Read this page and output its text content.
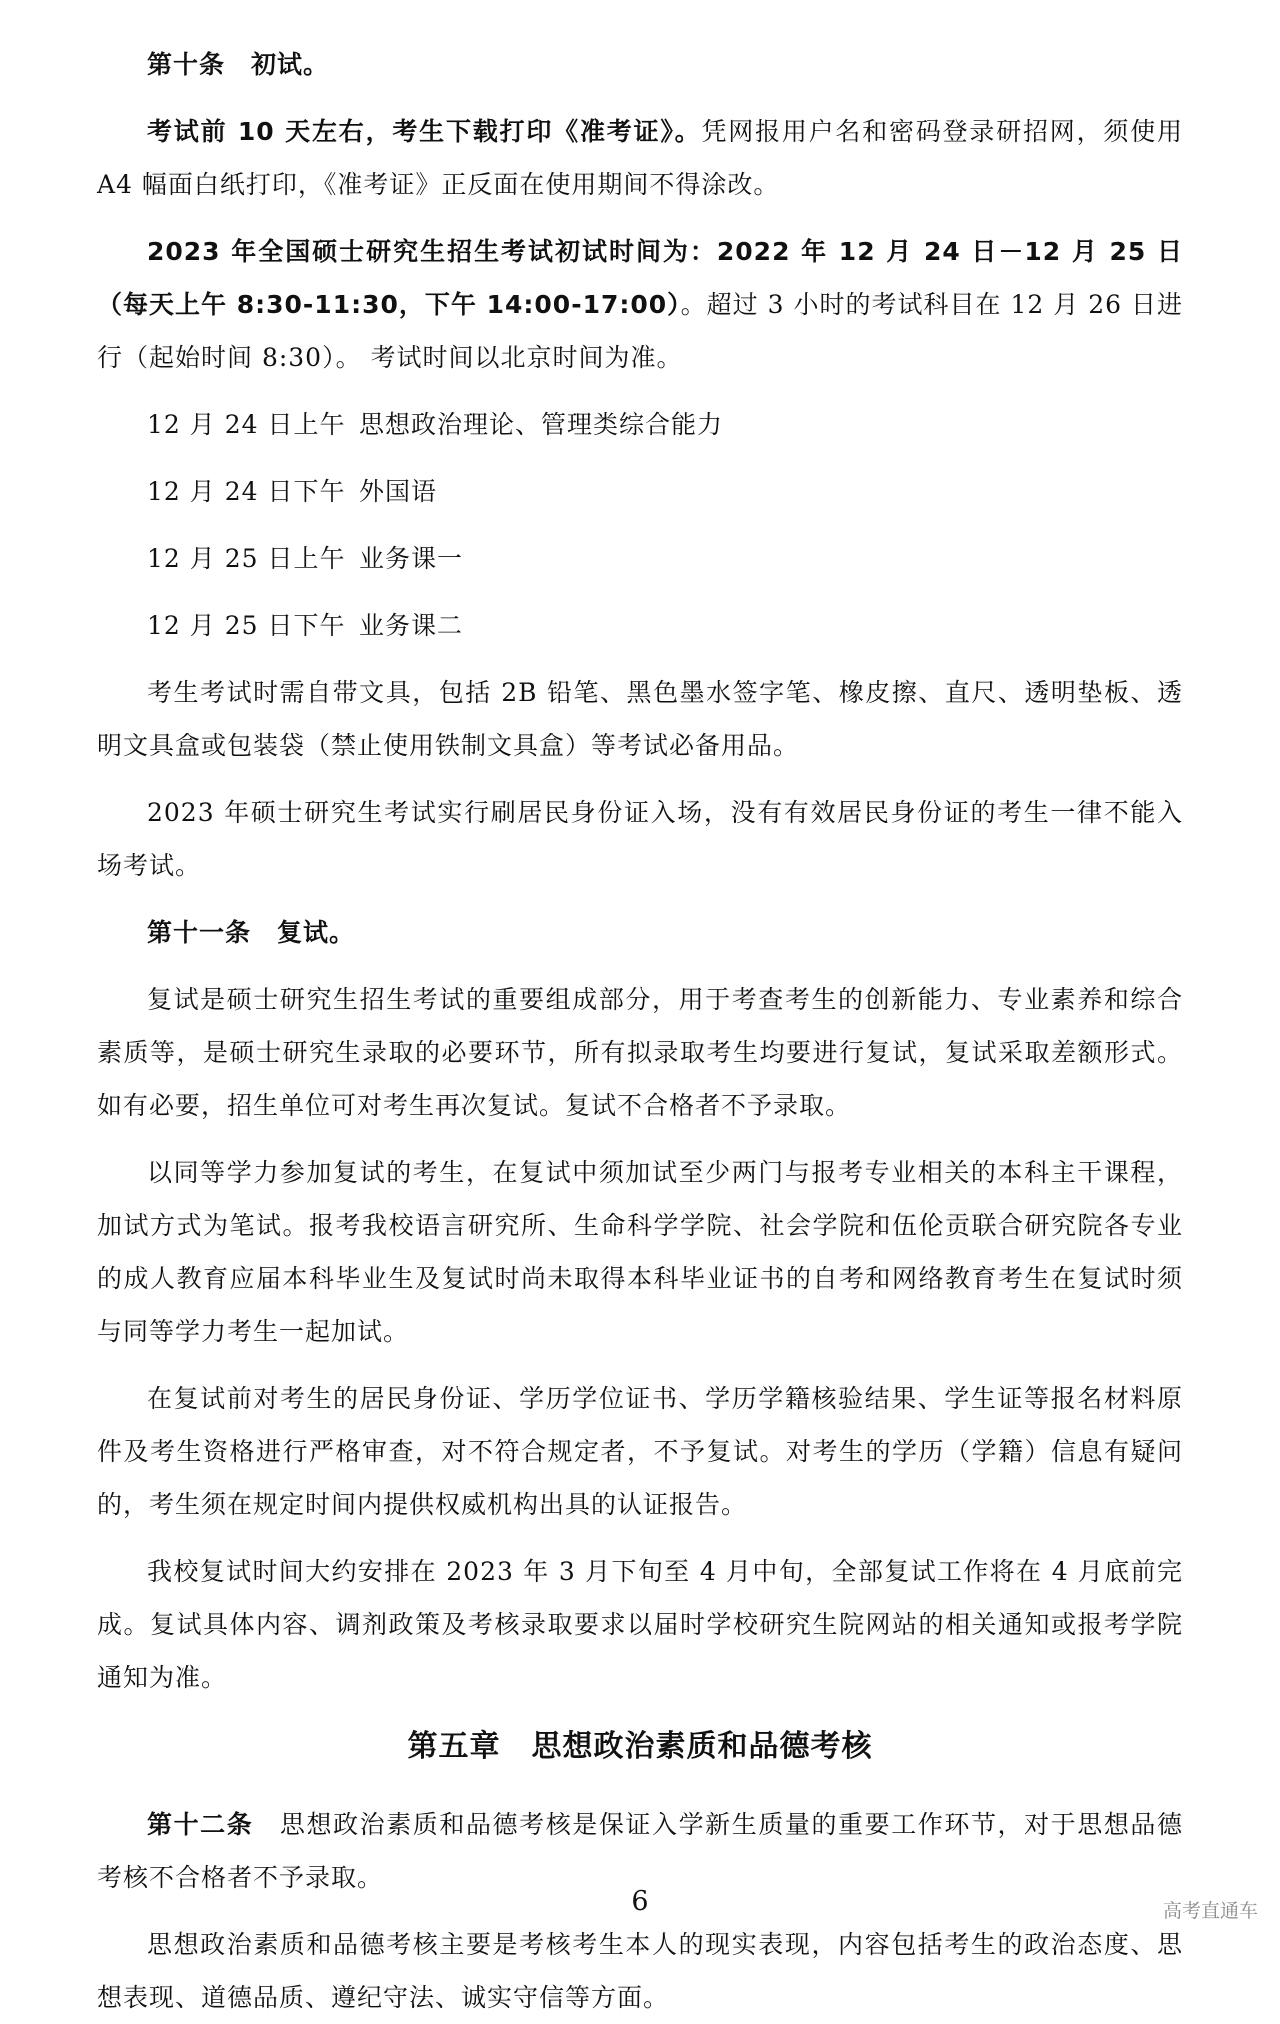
第十条 初试。

考试前 10 天左右，考生下载打印《准考证》。凭网报用户名和密码登录研招网，须使用 A4 幅面白纸打印，《准考证》正反面在使用期间不得涂改。

2023 年全国硕士研究生招生考试初试时间为：2022 年 12 月 24 日－12 月 25 日（每天上午 8:30-11:30，下午 14:00-17:00）。超过 3 小时的考试科目在 12 月 26 日进行（起始时间 8:30）。 考试时间以北京时间为准。

12 月 24 日上午 思想政治理论、管理类综合能力

12 月 24 日下午 外国语

12 月 25 日上午 业务课一

12 月 25 日下午 业务课二

考生考试时需自带文具，包括 2B 铅笔、黑色墨水签字笔、橡皮擦、直尺、透明垫板、透明文具盒或包装袋（禁止使用铁制文具盒）等考试必备用品。

2023 年硕士研究生考试实行刷居民身份证入场，没有有效居民身份证的考生一律不能入场考试。

第十一条 复试。

复试是硕士研究生招生考试的重要组成部分，用于考查考生的创新能力、专业素养和综合素质等，是硕士研究生录取的必要环节，所有拟录取考生均要进行复试，复试采取差额形式。如有必要，招生单位可对考生再次复试。复试不合格者不予录取。

以同等学力参加复试的考生，在复试中须加试至少两门与报考专业相关的本科主干课程，加试方式为笔试。报考我校语言研究所、生命科学学院、社会学院和伍伦贡联合研究院各专业的成人教育应届本科毕业生及复试时尚未取得本科毕业证书的自考和网络教育考生在复试时须与同等学力考生一起加试。

在复试前对考生的居民身份证、学历学位证书、学历学籍核验结果、学生证等报名材料原件及考生资格进行严格审查，对不符合规定者，不予复试。对考生的学历（学籍）信息有疑问的，考生须在规定时间内提供权威机构出具的认证报告。

我校复试时间大约安排在 2023 年 3 月下旬至 4 月中旬，全部复试工作将在 4 月底前完成。复试具体内容、调剂政策及考核录取要求以届时学校研究生院网站的相关通知或报考学院通知为准。

第五章　思想政治素质和品德考核

第十二条 思想政治素质和品德考核是保证入学新生质量的重要工作环节，对于思想品德考核不合格者不予录取。

思想政治素质和品德考核主要是考核考生本人的现实表现，内容包括考生的政治态度、思想表现、道德品质、遵纪守法、诚实守信等方面。

6	高考直通车
